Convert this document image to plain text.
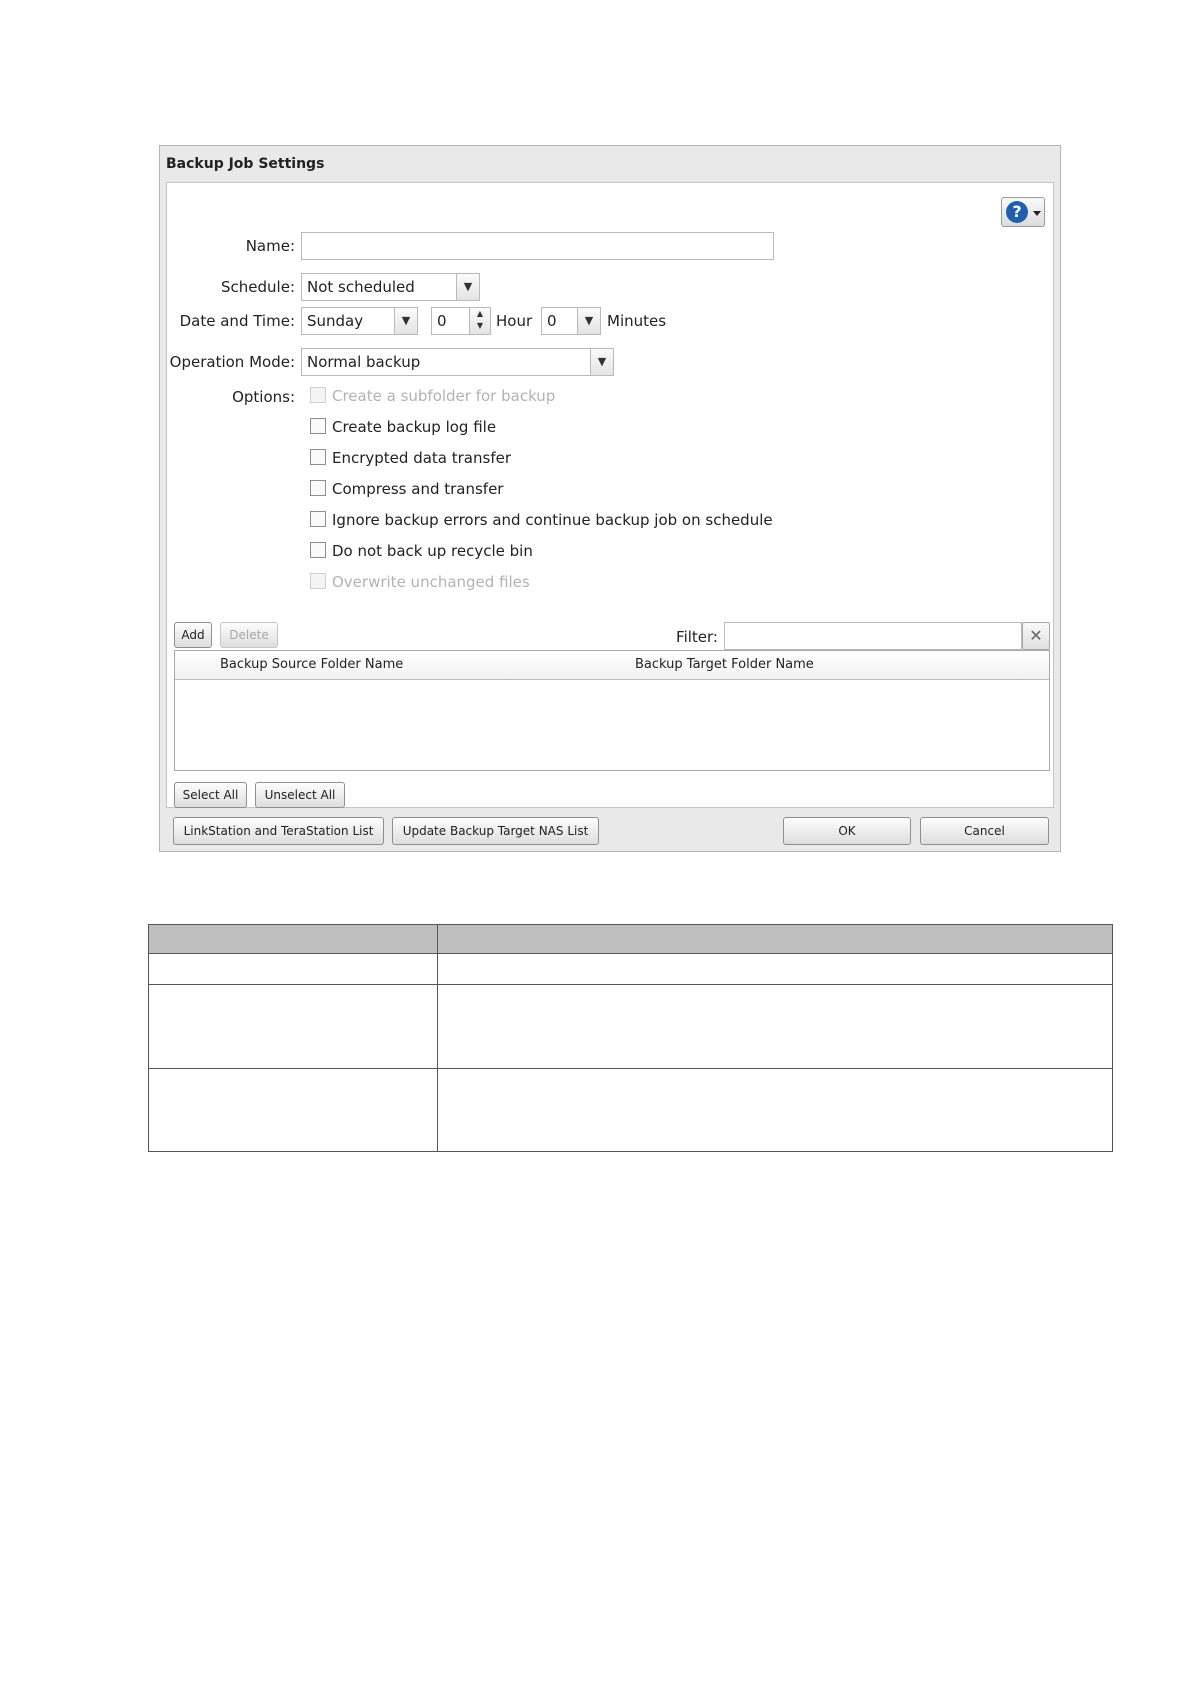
Backup Job Settings
?
Name:
Schedule: Not scheduled	▼
Date and Time: Sunday	▼	0	▲
▼ Hour 0	▼ Minutes
Operation Mode: Normal backup	▼
Options:	Create a subfolder for backup
Create backup log file
Encrypted data transfer
Compress and transfer
Ignore backup errors and continue backup job on schedule
Do not back up recycle bin
Overwrite unchanged files
Add	Delete	Filter:	✕
Backup Source Folder Name	Backup Target Folder Name
Select All	Unselect All
LinkStation and TeraStation List	Update Backup Target NAS List	OK	Cancel
